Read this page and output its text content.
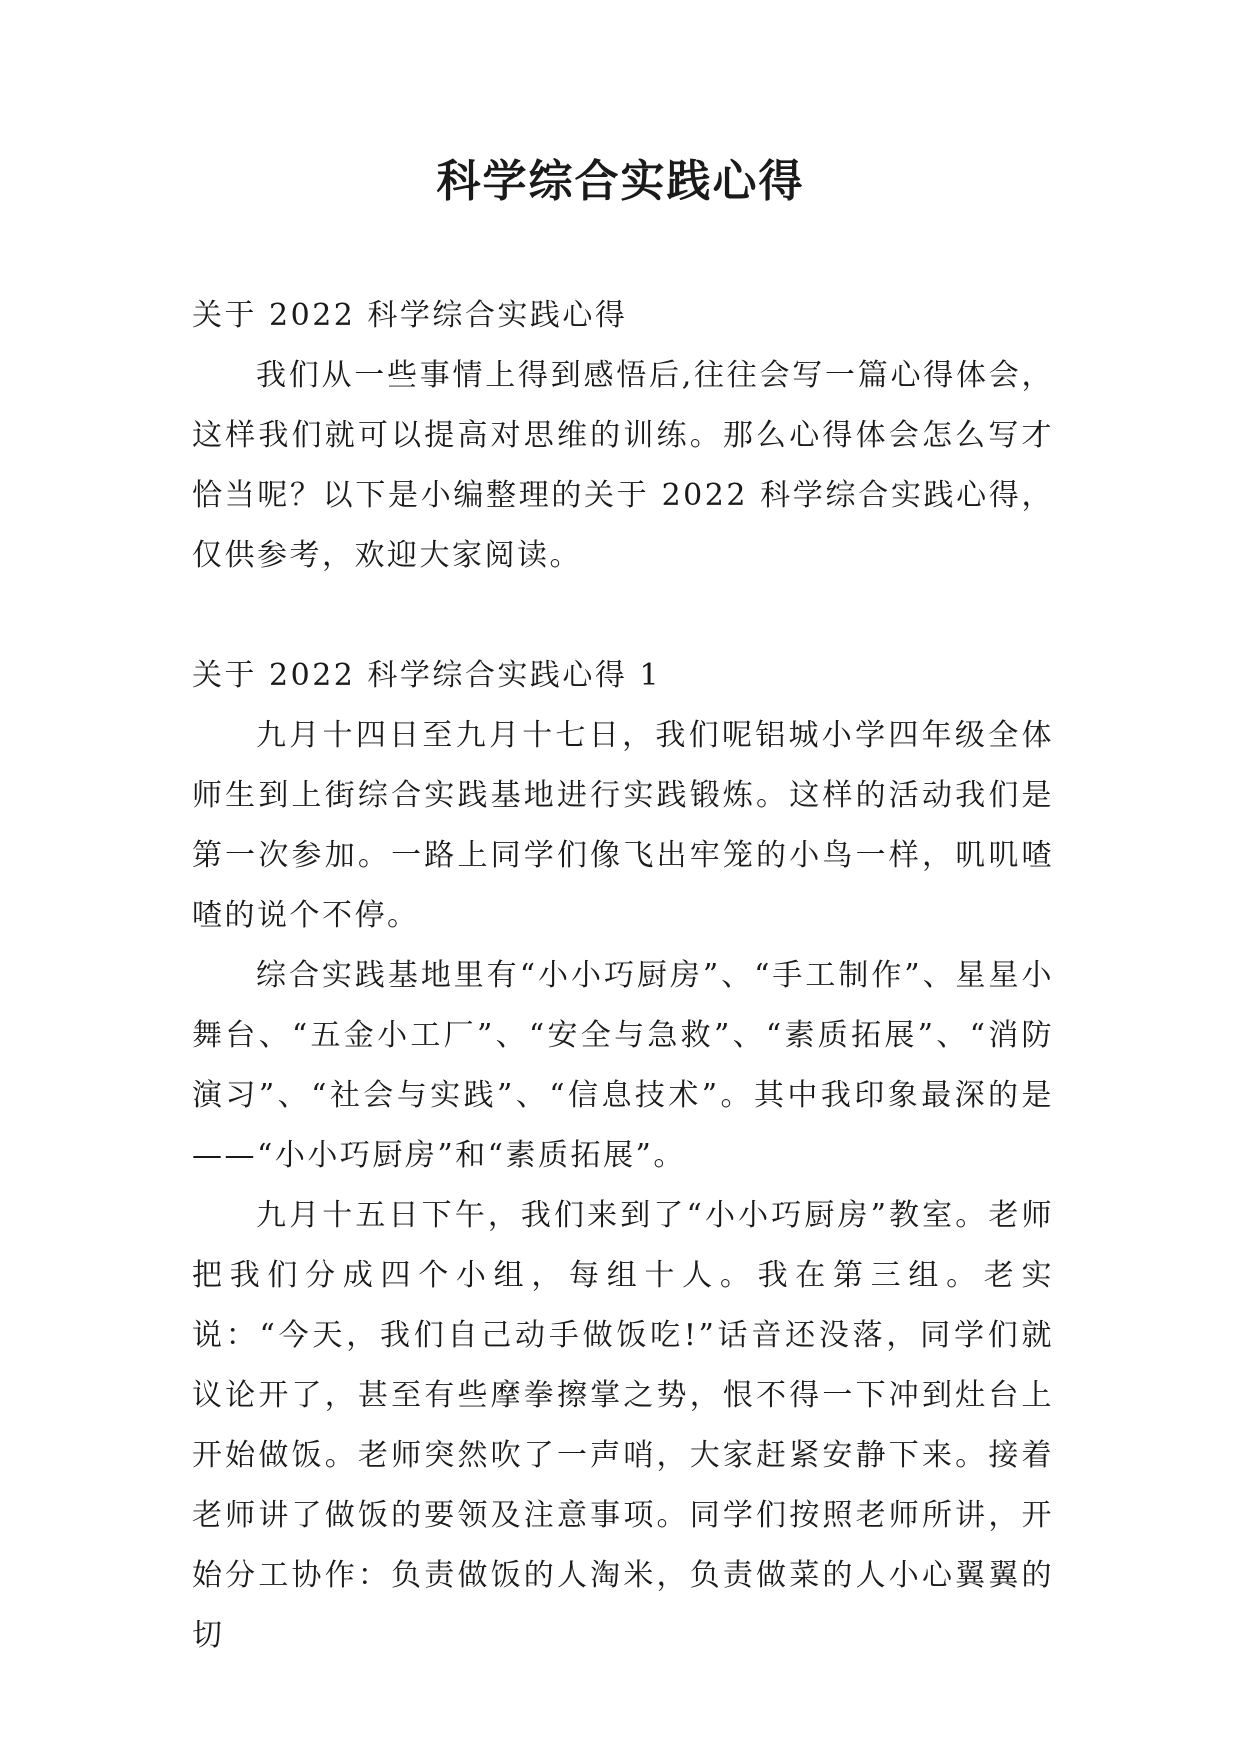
科学综合实践心得

关于 2022 科学综合实践心得

我们从一些事情上得到感悟后,往往会写一篇心得体会，这样我们就可以提高对思维的训练。那么心得体会怎么写才恰当呢？以下是小编整理的关于 2022 科学综合实践心得，仅供参考，欢迎大家阅读。

关于 2022 科学综合实践心得 1

九月十四日至九月十七日，我们呢铝城小学四年级全体师生到上街综合实践基地进行实践锻炼。这样的活动我们是第一次参加。一路上同学们像飞出牢笼的小鸟一样，叽叽喳喳的说个不停。

综合实践基地里有“小小巧厨房”、“手工制作”、星星小舞台、“五金小工厂”、“安全与急救”、“素质拓展”、“消防演习”、“社会与实践”、“信息技术”。其中我印象最深的是——“小小巧厨房”和“素质拓展”。

九月十五日下午，我们来到了“小小巧厨房”教室。老师把我们分成四个小组，每组十人。我在第三组。老实说：“今天，我们自己动手做饭吃!”话音还没落，同学们就议论开了，甚至有些摩拳擦掌之势，恨不得一下冲到灶台上开始做饭。老师突然吹了一声哨，大家赶紧安静下来。接着老师讲了做饭的要领及注意事项。同学们按照老师所讲，开始分工协作：负责做饭的人淘米，负责做菜的人小心翼翼的切
